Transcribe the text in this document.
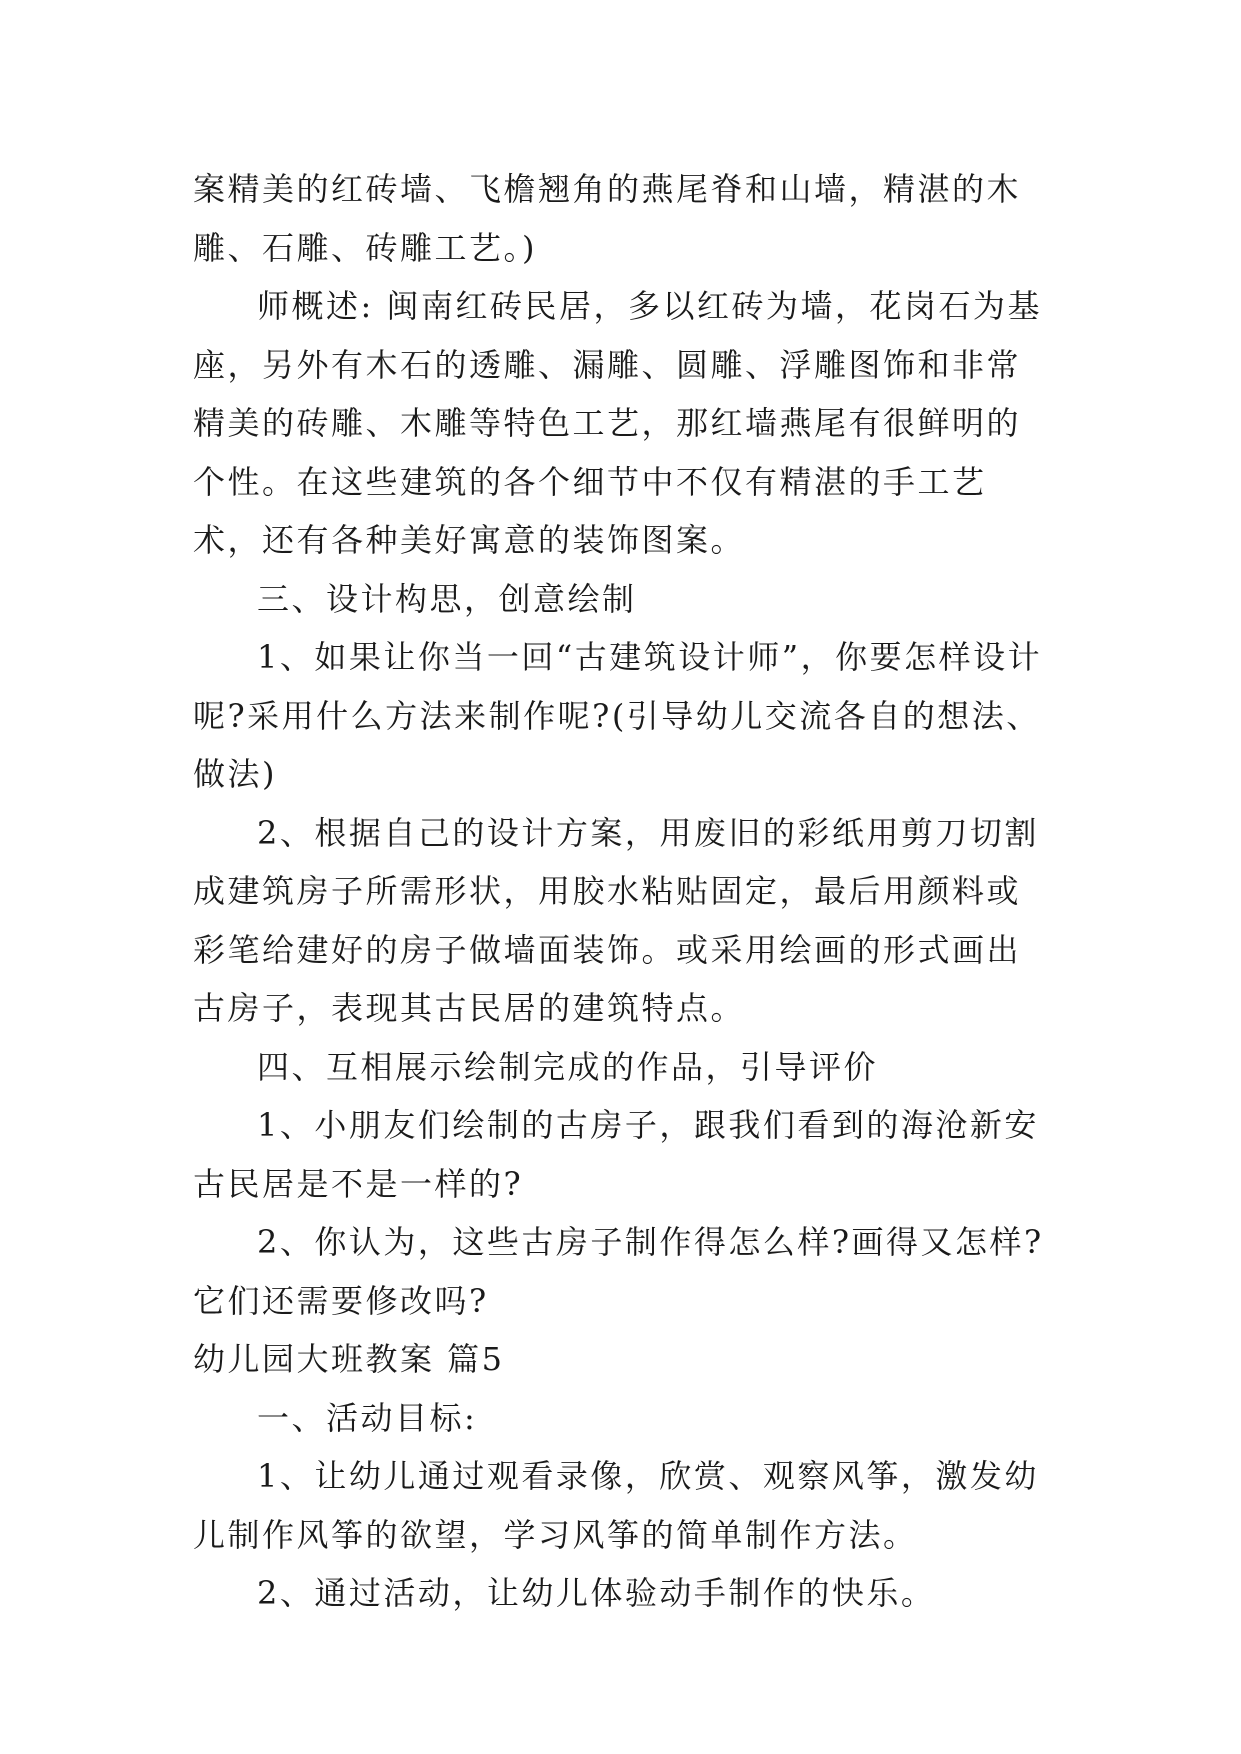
案精美的红砖墙、飞檐翘角的燕尾脊和山墙，精湛的木雕、石雕、砖雕工艺。)

师概述: 闽南红砖民居，多以红砖为墙，花岗石为基座，另外有木石的透雕、漏雕、圆雕、浮雕图饰和非常精美的砖雕、木雕等特色工艺，那红墙燕尾有很鲜明的个性。在这些建筑的各个细节中不仅有精湛的手工艺术，还有各种美好寓意的装饰图案。

三、设计构思，创意绘制

1、如果让你当一回“古建筑设计师”，你要怎样设计呢?采用什么方法来制作呢?(引导幼儿交流各自的想法、做法)

2、根据自己的设计方案，用废旧的彩纸用剪刀切割成建筑房子所需形状，用胶水粘贴固定，最后用颜料或彩笔给建好的房子做墙面装饰。或采用绘画的形式画出古房子，表现其古民居的建筑特点。

四、互相展示绘制完成的作品，引导评价

1、小朋友们绘制的古房子，跟我们看到的海沧新安古民居是不是一样的?

2、你认为，这些古房子制作得怎么样?画得又怎样?它们还需要修改吗?

幼儿园大班教案 篇5

一、活动目标:

1、让幼儿通过观看录像，欣赏、观察风筝，激发幼儿制作风筝的欲望，学习风筝的简单制作方法。

2、通过活动，让幼儿体验动手制作的快乐。
